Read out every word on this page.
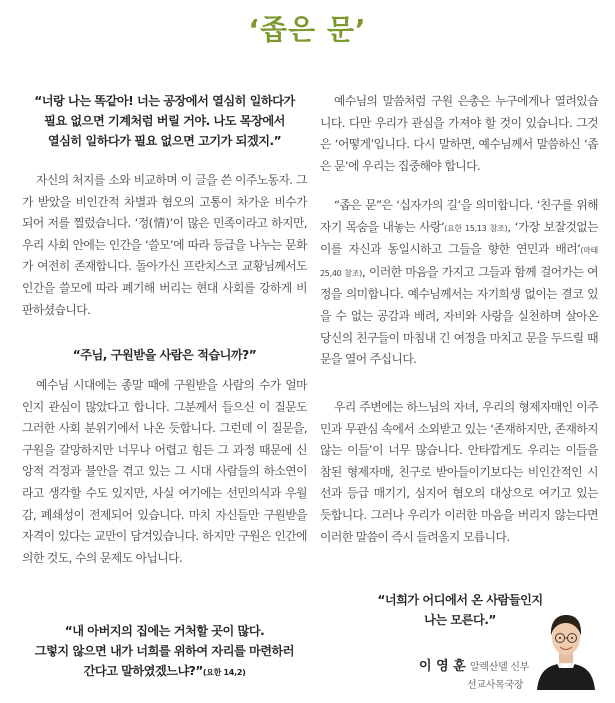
‘좁은 문’
“너랑 나는 똑같아! 너는 공장에서 열심히 일하다가
필요 없으면 기계처럼 버릴 거야. 나도 목장에서
열심히 일하다가 필요 없으면 고기가 되겠지.”
자신의 처지를 소와 비교하며 이 글을 쓴 이주노동자. 그가 받았을 비인간적 차별과 혐오의 고통이 차가운 비수가 되어 저를 찔렀습니다. ‘정(情)’이 많은 민족이라고 하지만, 우리 사회 안에는 인간을 ‘쓸모’에 따라 등급을 나누는 문화가 여전히 존재합니다. 돌아가신 프란치스코 교황님께서도 인간을 쓸모에 따라 폐기해 버리는 현대 사회를 강하게 비판하셨습니다.
“주님, 구원받을 사람은 적습니까?”
예수님 시대에는 종말 때에 구원받을 사람의 수가 얼마인지 관심이 많았다고 합니다. 그분께서 들으신 이 질문도 그러한 사회 분위기에서 나온 듯합니다. 그런데 이 질문을, 구원을 갈망하지만 너무나 어렵고 힘든 그 과정 때문에 신앙적 걱정과 불안을 겪고 있는 그 시대 사람들의 하소연이라고 생각할 수도 있지만, 사실 여기에는 선민의식과 우월감, 폐쇄성이 전제되어 있습니다. 마치 자신들만 구원받을 자격이 있다는 교만이 담겨있습니다. 하지만 구원은 인간에 의한 것도, 수의 문제도 아닙니다.
“내 아버지의 집에는 거처할 곳이 많다.
그렇지 않으면 내가 너희를 위하여 자리를 마련하러
간다고 말하였겠느냐?”(요한 14,2)
예수님의 말씀처럼 구원 은총은 누구에게나 열려있습니다. 다만 우리가 관심을 가져야 할 것이 있습니다. 그것은 ‘어떻게’입니다. 다시 말하면, 예수님께서 말씀하신 ‘좁은 문’에 우리는 집중해야 합니다.
“좁은 문”은 ‘십자가의 길’을 의미합니다. ‘친구를 위해 자기 목숨을 내놓는 사랑’(요한 15,13 참조), ‘가장 보잘것없는 이를 자신과 동일시하고 그들을 향한 연민과 배려’(마태 25,40 참조), 이러한 마음을 가지고 그들과 함께 걸어가는 여정을 의미합니다. 예수님께서는 자기희생 없이는 결코 있을 수 없는 공감과 배려, 자비와 사랑을 실천하며 살아온 당신의 친구들이 마침내 긴 여정을 마치고 문을 두드릴 때 문을 열어 주십니다.
우리 주변에는 하느님의 자녀, 우리의 형제자매인 이주민과 무관심 속에서 소외받고 있는 ‘존재하지만, 존재하지 않는 이들’이 너무 많습니다. 안타깝게도 우리는 이들을 참된 형제자매, 친구로 받아들이기보다는 비인간적인 시선과 등급 매기기, 심지어 혐오의 대상으로 여기고 있는 듯합니다. 그러나 우리가 이러한 마음을 버리지 않는다면 이러한 말씀이 즉시 들려올지 모릅니다.
“너희가 어디에서 온 사람들인지
나는 모른다.”
이 영 훈 알렉산델 신부
선교사목국장
